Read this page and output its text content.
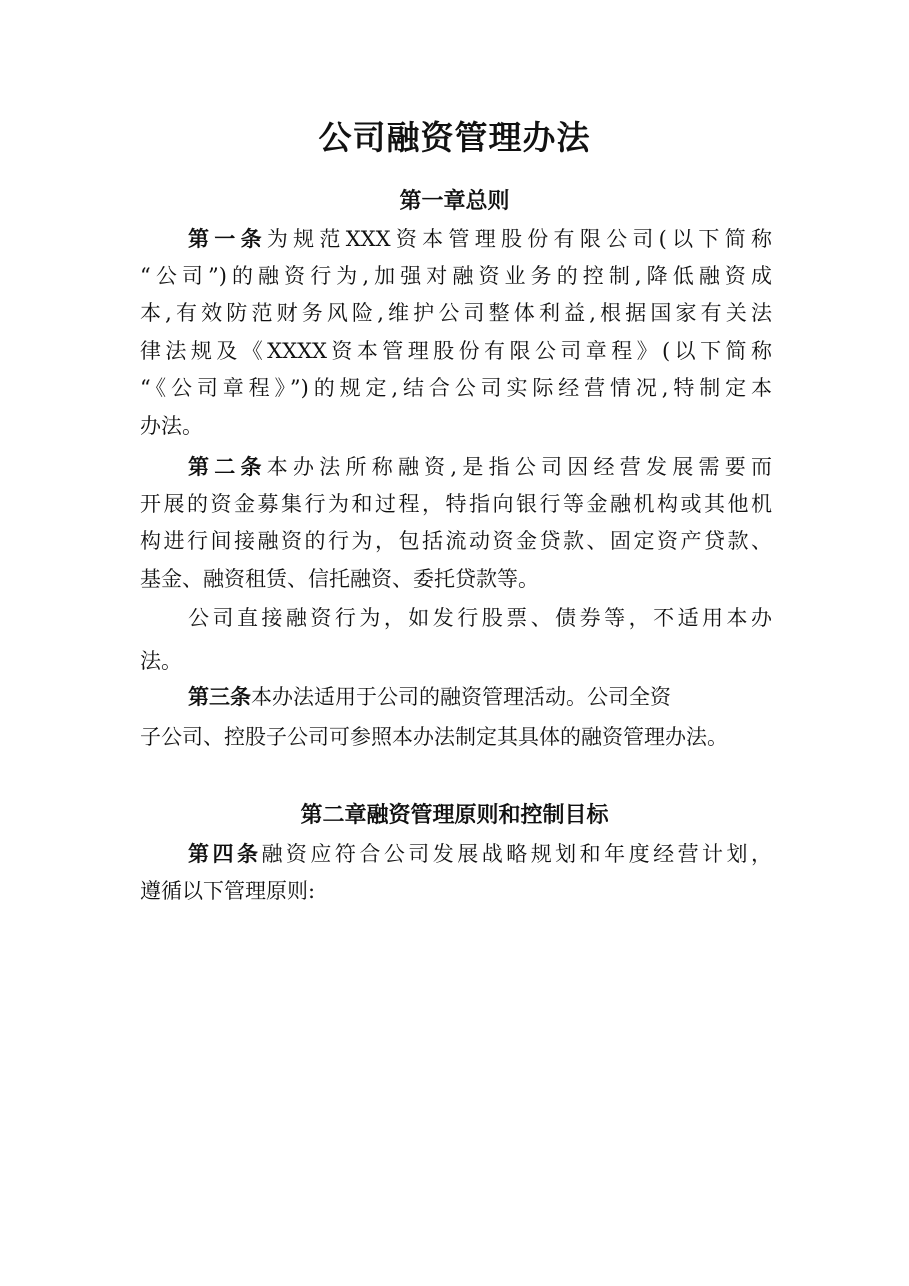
公司融资管理办法
第一章总则

第一条为规范XXX资本管理股份有限公司(以下简称

“公司”)的融资行为,加强对融资业务的控制,降低融资成

本,有效防范财务风险,维护公司整体利益,根据国家有关法

律法规及《XXXX资本管理股份有限公司章程》(以下简称

“《公司章程》”)的规定,结合公司实际经营情况,特制定本

办法。

第二条本办法所称融资,是指公司因经营发展需要而

开展的资金募集行为和过程，特指向银行等金融机构或其他机

构进行间接融资的行为，包括流动资金贷款、固定资产贷款、

基金、融资租赁、信托融资、委托贷款等。

公司直接融资行为，如发行股票、债券等，不适用本办

法。

第三条本办法适用于公司的融资管理活动。公司全资

子公司、控股子公司可参照本办法制定其具体的融资管理办法。

第二章融资管理原则和控制目标

第四条融资应符合公司发展战略规划和年度经营计划，

遵循以下管理原则:
